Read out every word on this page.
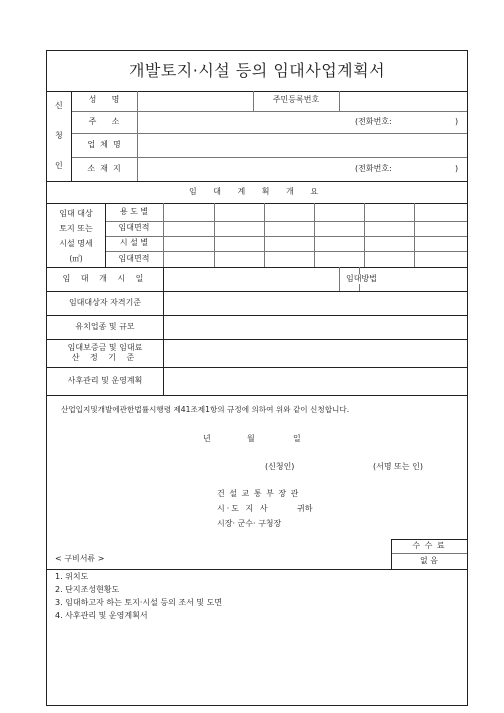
개발토지·시설 등의 임대사업계획서
신
청
인
성      명	주민등록번호
주      소	(전화번호:	)
업  체  명
소  재  지	(전화번호:	)
임 대 계 획 개 요
임대 대상
토지 또는
시설 명세
(㎡)
용 도 별
임대면적
시 설 별
임대면적
임 대 개 시 일	임대방법
임대대상자 자격기준
유치업종 및 규모
임대보증금 및 임대료
산 정 기 준
사후관리 및 운영계획
산업입지및개발에관한법률시행령 제41조제1항의 규정에 의하여 위와 같이 신청합니다.
년	월	일
(신청인)	(서명 또는 인)
건 설 교 통 부 장 관
시·도 지 사	귀하
시장· 군수· 구청장
수 수 료
없 음
< 구비서류 >
1. 위치도
2. 단지조성현황도
3. 임대하고자 하는 토지·시설 등의 조서 및 도면
4. 사후관리 및 운영계획서
